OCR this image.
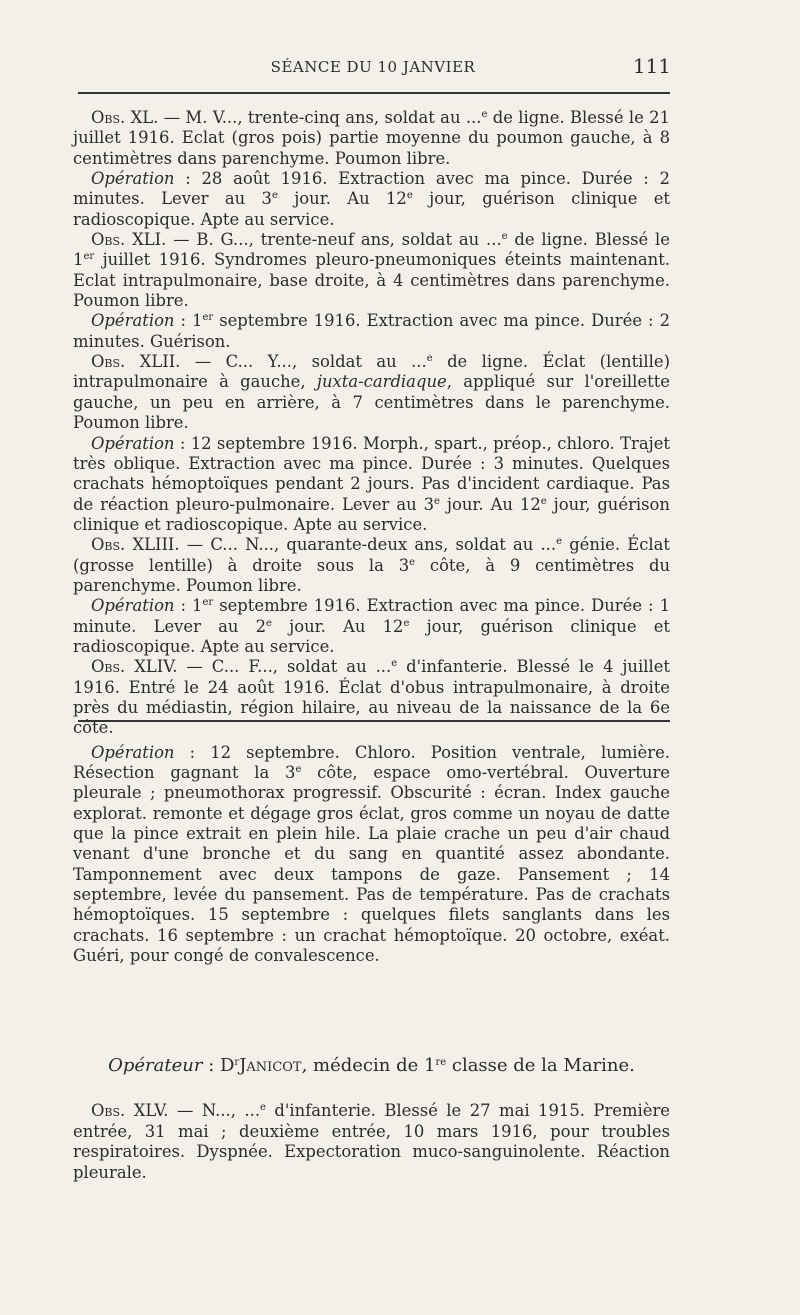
SÉANCE DU 10 JANVIER	111

Obs. XL. — M. V..., trente-cinq ans, soldat au ...$^e$ de ligne. Blessé le 21 juillet 1916. Eclat (gros pois) partie moyenne du poumon gauche, à 8 centimètres dans parenchyme. Poumon libre.

Opération : 28 août 1916. Extraction avec ma pince. Durée : 2 minutes. Lever au 3e jour. Au 12e jour, guérison clinique et radioscopique. Apte au service.

Obs. XLI. — B. G..., trente-neuf ans, soldat au ...$^e$ de ligne. Blessé le 1er juillet 1916. Syndromes pleuro-pneumoniques éteints maintenant. Eclat intrapulmonaire, base droite, à 4 centimètres dans parenchyme. Poumon libre.

Opération : 1er septembre 1916. Extraction avec ma pince. Durée : 2 minutes. Guérison.

Obs. XLII. — C... Y..., soldat au ...$^e$ de ligne. Éclat (lentille) intrapulmonaire à gauche, juxta-cardiaque, appliqué sur l'oreillette gauche, un peu en arrière, à 7 centimètres dans le parenchyme. Poumon libre.

Opération : 12 septembre 1916. Morph., spart., préop., chloro. Trajet très oblique. Extraction avec ma pince. Durée : 3 minutes. Quelques crachats hémoptoïques pendant 2 jours. Pas d'incident cardiaque. Pas de réaction pleuro-pulmonaire. Lever au 3e jour. Au 12e jour, guérison clinique et radioscopique. Apte au service.

Obs. XLIII. — C... N..., quarante-deux ans, soldat au ...$^e$ génie. Éclat (grosse lentille) à droite sous la 3e côte, à 9 centimètres du parenchyme. Poumon libre.

Opération : 1er septembre 1916. Extraction avec ma pince. Durée : 1 minute. Lever au 2e jour. Au 12e jour, guérison clinique et radioscopique. Apte au service.

Obs. XLIV. — C... F..., soldat au ...$^e$ d'infanterie. Blessé le 4 juillet 1916. Entré le 24 août 1916. Éclat d'obus intrapulmonaire, à droite près du médiastin, région hilaire, au niveau de la naissance de la 6e côte.

Opération : 12 septembre. Chloro. Position ventrale, lumière. Résection gagnant la 3e côte, espace omo-vertébral. Ouverture pleurale ; pneumothorax progressif. Obscurité : écran. Index gauche explorat. remonte et dégage gros éclat, gros comme un noyau de datte que la pince extrait en plein hile. La plaie crache un peu d'air chaud venant d'une bronche et du sang en quantité assez abondante. Tamponnement avec deux tampons de gaze. Pansement ; 14 septembre, levée du pansement. Pas de température. Pas de crachats hémoptoïques. 15 septembre : quelques filets sanglants dans les crachats. 16 septembre : un crachat hémoptoïque. 20 octobre, exéat. Guéri, pour congé de convalescence.

Opérateur : $D^rJanicot$, médecin de 1re classe de la Marine.

Obs. XLV. — N..., ...$^e$ d'infanterie. Blessé le 27 mai 1915. Première entrée, 31 mai ; deuxième entrée, 10 mars 1916, pour troubles respiratoires. Dyspnée. Expectoration muco-sanguinolente. Réaction pleurale.
